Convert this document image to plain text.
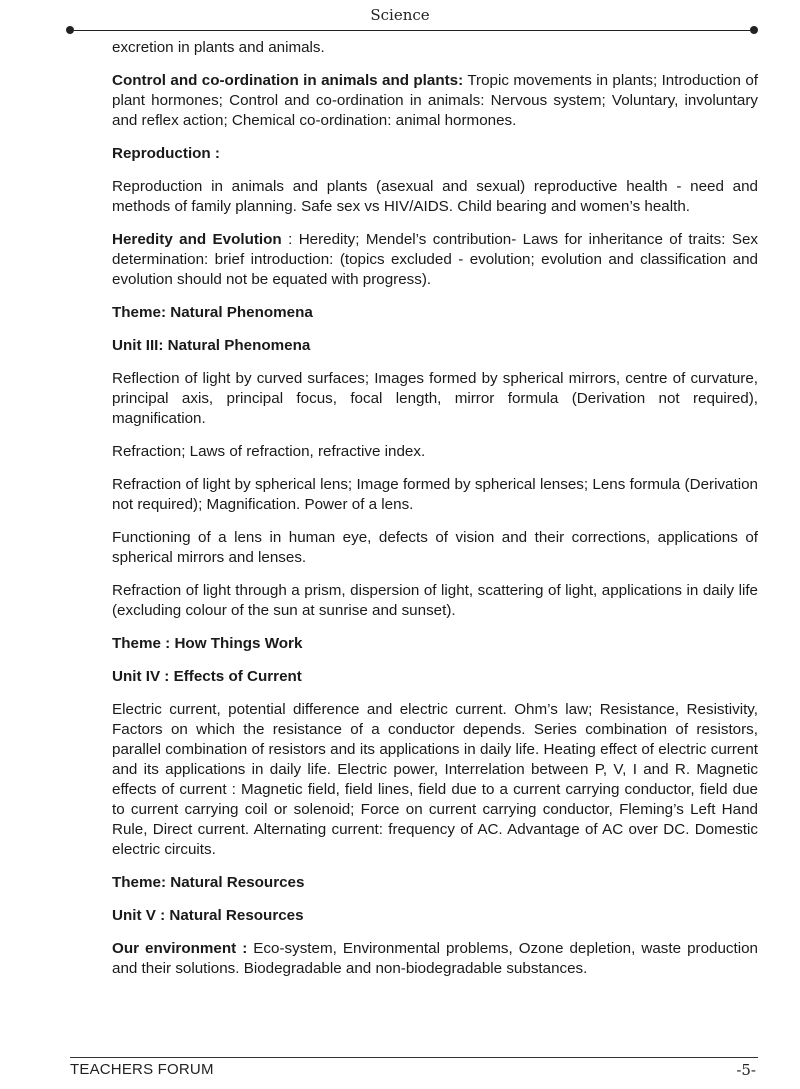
Science

excretion in plants and animals.

Control and co-ordination in animals and plants: Tropic movements in plants; Introduction of plant hormones; Control and co-ordination in animals: Nervous system; Voluntary, involuntary and reflex action; Chemical co-ordination: animal hormones.

Reproduction :

Reproduction in animals and plants (asexual and sexual) reproductive health - need and methods of family planning. Safe sex vs HIV/AIDS. Child bearing and women’s health.

Heredity and Evolution : Heredity; Mendel’s contribution- Laws for inheritance of traits: Sex determination: brief introduction: (topics excluded - evolution; evolution and classification and evolution should not be equated with progress).

Theme: Natural Phenomena

Unit III: Natural Phenomena

Reflection of light by curved surfaces; Images formed by spherical mirrors, centre of curvature, principal axis, principal focus, focal length, mirror formula (Derivation not required), magnification.

Refraction; Laws of refraction, refractive index.

Refraction of light by spherical lens; Image formed by spherical lenses; Lens formula (Derivation not required); Magnification. Power of a lens.

Functioning of a lens in human eye, defects of vision and their corrections, applications of spherical mirrors and lenses.

Refraction of light through a prism, dispersion of light, scattering of light, applications in daily life (excluding colour of the sun at sunrise and sunset).

Theme : How Things Work

Unit IV : Effects of Current

Electric current, potential difference and electric current. Ohm’s law; Resistance, Resistivity, Factors on which the resistance of a conductor depends. Series combination of resistors, parallel combination of resistors and its applications in daily life. Heating effect of electric current and its applications in daily life. Electric power, Interrelation between P, V, I and R. Magnetic effects of current : Magnetic field, field lines, field due to a current carrying conductor, field due to current carrying coil or solenoid; Force on current carrying conductor, Fleming’s Left Hand Rule, Direct current. Alternating current: frequency of AC. Advantage of AC over DC. Domestic electric circuits.

Theme: Natural Resources

Unit V : Natural Resources

Our environment : Eco-system, Environmental problems, Ozone depletion, waste production and their solutions. Biodegradable and non-biodegradable substances.

TEACHERS FORUM	-5-
